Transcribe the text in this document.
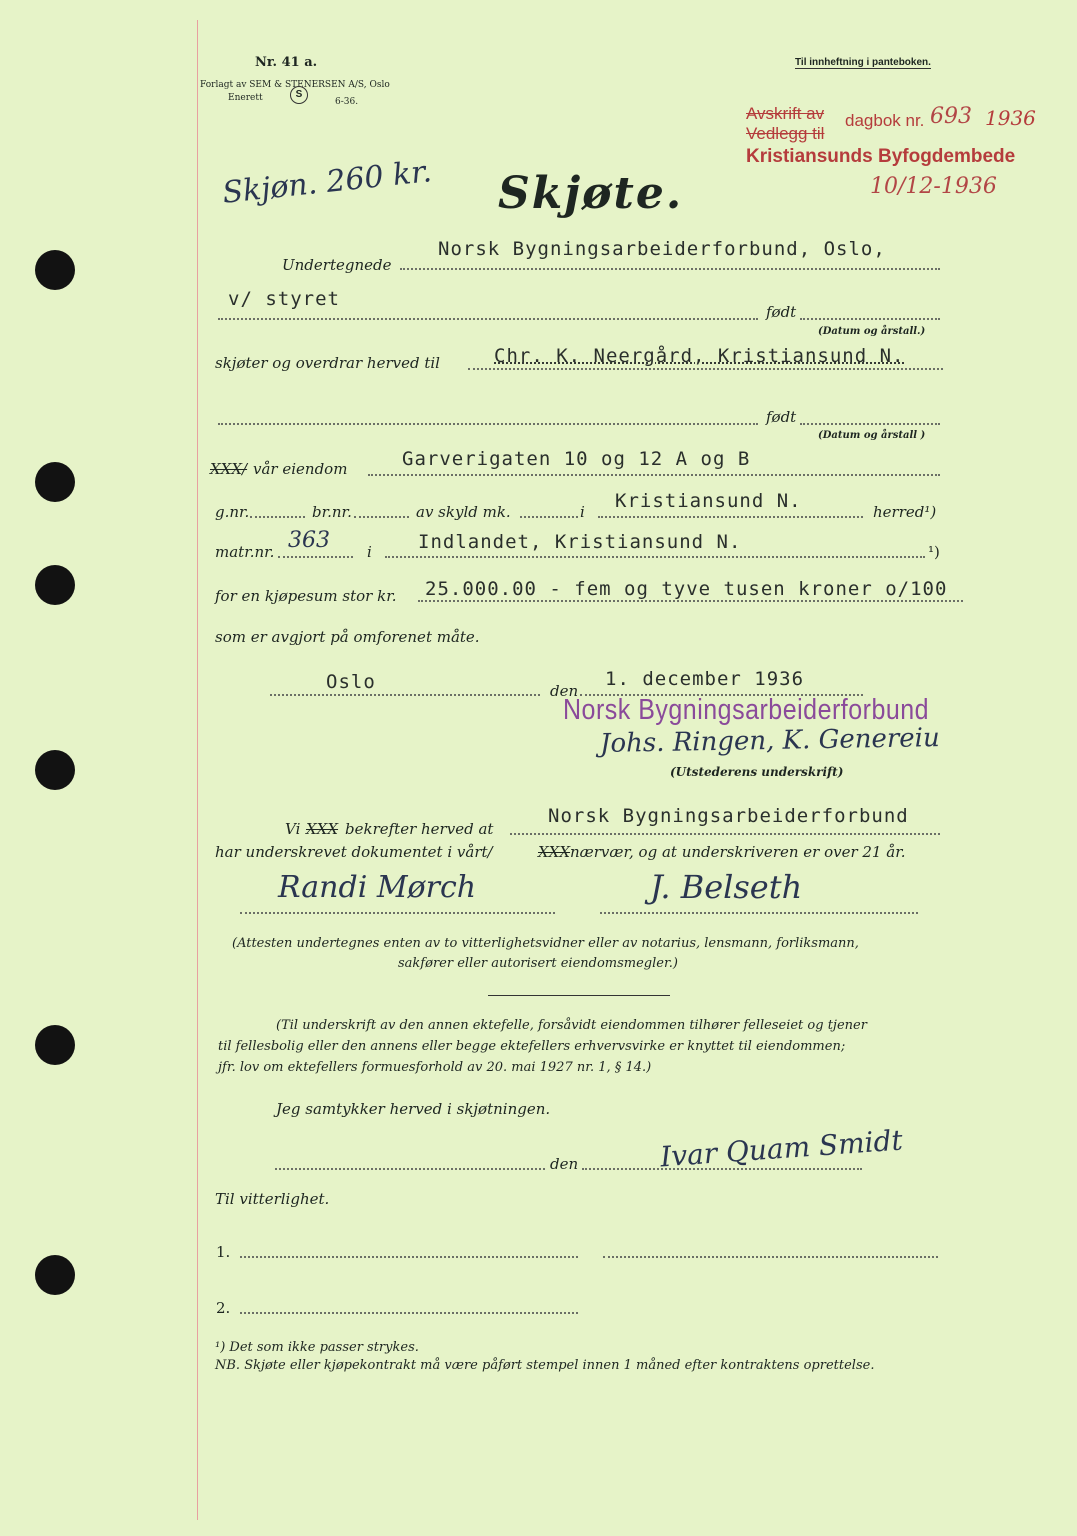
Nr. 41 a.
Forlagt av SEM & STENERSEN A/S, Oslo
Enerett	S
6-36.
Til innheftning i panteboken.
Avskrift av
Vedlegg til
dagbok nr. 693 1936
Kristiansunds Byfogdembede
10/12-1936
Skjøn. 260 kr. Skjøte.
Undertegnede
Norsk Bygningsarbeiderforbund, Oslo,
v/ styret
født
(Datum og årstall.)
skjøter og overdrar herved til	Chr. K. Neergård, Kristiansund N.
født
(Datum og årstall )
XXX/ vår eiendom	Garverigaten 10 og 12 A og B
g.nr.	br.nr.	av skyld mk.	i Kristiansund N.	herred¹)
matr.nr. 363 i Indlandet, Kristiansund N.	¹)
for en kjøpesum stor kr. 25.000.00 - fem og tyve tusen kroner o/100
som er avgjort på omforenet måte.
Oslo	den
1. december 1936
Norsk Bygningsarbeiderforbund
Johs. Ringen, K. Genereiu
(Utstederens underskrift)
Vi XXX bekrefter herved at
Norsk Bygningsarbeiderforbund
har underskrevet dokumentet i vårt/	XXX nærvær, og at underskriveren er over 21 år.
Randi Mørch	J. Belseth
(Attesten undertegnes enten av to vitterlighetsvidner eller av notarius, lensmann, forliksmann,
sakfører eller autorisert eiendomsmegler.)
(Til underskrift av den annen ektefelle, forsåvidt eiendommen tilhører felleseiet og tjener
til fellesbolig eller den annens eller begge ektefellers erhvervsvirke er knyttet til eiendommen;
jfr. lov om ektefellers formuesforhold av 20. mai 1927 nr. 1, § 14.)
Jeg samtykker herved i skjøtningen.
den	Ivar Quam Smidt
Til vitterlighet.
1.
2.
¹) Det som ikke passer strykes.
NB. Skjøte eller kjøpekontrakt må være påført stempel innen 1 måned efter kontraktens oprettelse.
